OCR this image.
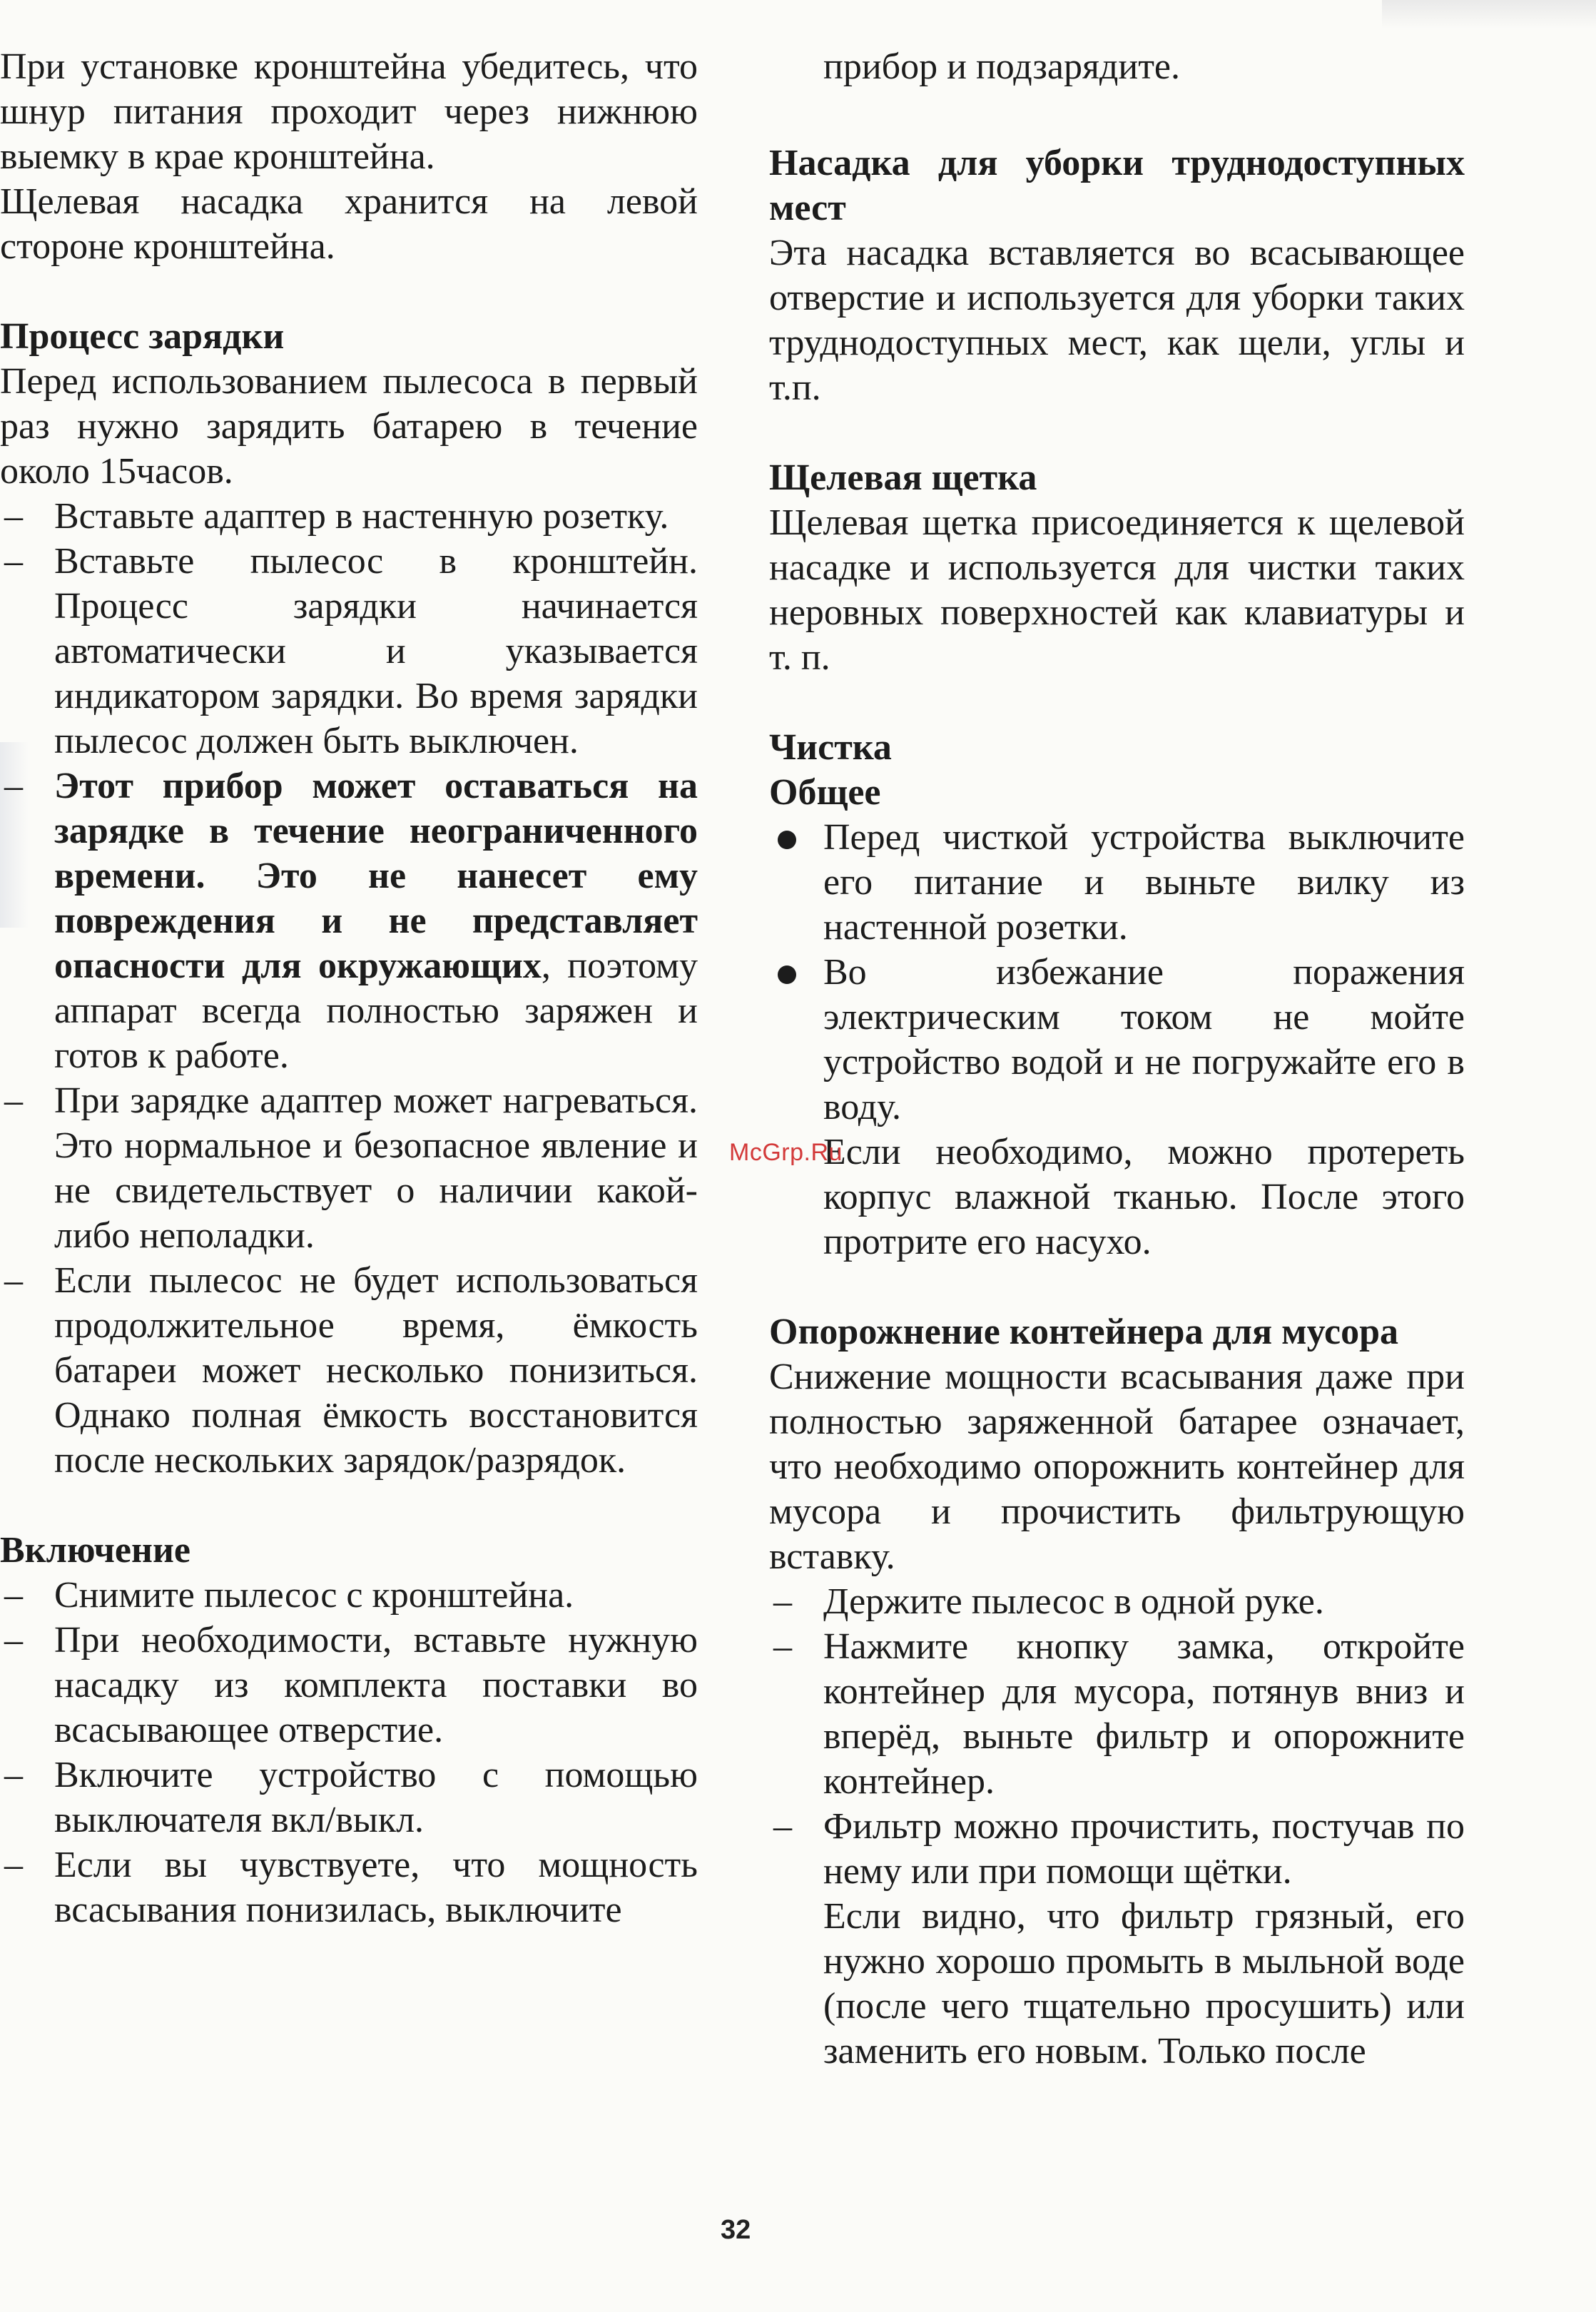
При установке кронштейна убедитесь, что шнур питания проходит через нижнюю выемку в крае кронштейна.

Щелевая насадка хранится на левой стороне кронштейна.

Процесс зарядки

Перед использованием пылесоса в первый раз нужно зарядить батарею в течение около 15часов.

– Вставьте адаптер в настенную розетку.
– Вставьте пылесос в кронштейн. Процесс зарядки начинается автоматически и указывается индикатором зарядки. Во время зарядки пылесос должен быть выключен.
– Этот прибор может оставаться на зарядке в течение неограниченного времени. Это не нанесет ему повреждения и не представляет опасности для окружающих, поэтому аппарат всегда полностью заряжен и готов к работе.
– При зарядке адаптер может нагреваться. Это нормальное и безопасное явление и не свидетельствует о наличии какой-либо неполадки.
– Если пылесос не будет использоваться продолжительное время, ёмкость батареи может несколько понизиться. Однако полная ёмкость восстановится после нескольких зарядок/разрядок.
Включение
– Снимите пылесос с кронштейна.
– При необходимости, вставьте нужную насадку из комплекта поставки во всасывающее отверстие.
– Включите устройство с помощью выключателя вкл/выкл.
– Если вы чувствуете, что мощность всасывания понизилась, выключите

прибор и подзарядите.

Насадка для уборки труднодоступных мест

Эта насадка вставляется во всасывающее отверстие и используется для уборки таких труднодоступных мест, как щели, углы и т.п.

Щелевая щетка

Щелевая щетка присоединяется к щелевой насадке и используется для чистки таких неровных поверхностей как клавиатуры и т. п.

Чистка
Общее
Перед чисткой устройства выключите его питание и выньте вилку из настенной розетки.
Во избежание поражения электрическим током не мойте устройство водой и не погружайте его в воду.

Если необходимо, можно протереть корпус влажной тканью. После этого протрите его насухо.

Опорожнение контейнера для мусора

Снижение мощности всасывания даже при полностью заряженной батарее означает, что необходимо опорожнить контейнер для мусора и прочистить фильтрующую вставку.

– Держите пылесос в одной руке.
– Нажмите кнопку замка, откройте контейнер для мусора, потянув вниз и вперёд, выньте фильтр и опорожните контейнер.
– Фильтр можно прочистить, постучав по нему или при помощи щётки.

Если видно, что фильтр грязный, его нужно хорошо промыть в мыльной воде (после чего тщательно просушить) или заменить его новым. Только после

McGrp.Ru
32
